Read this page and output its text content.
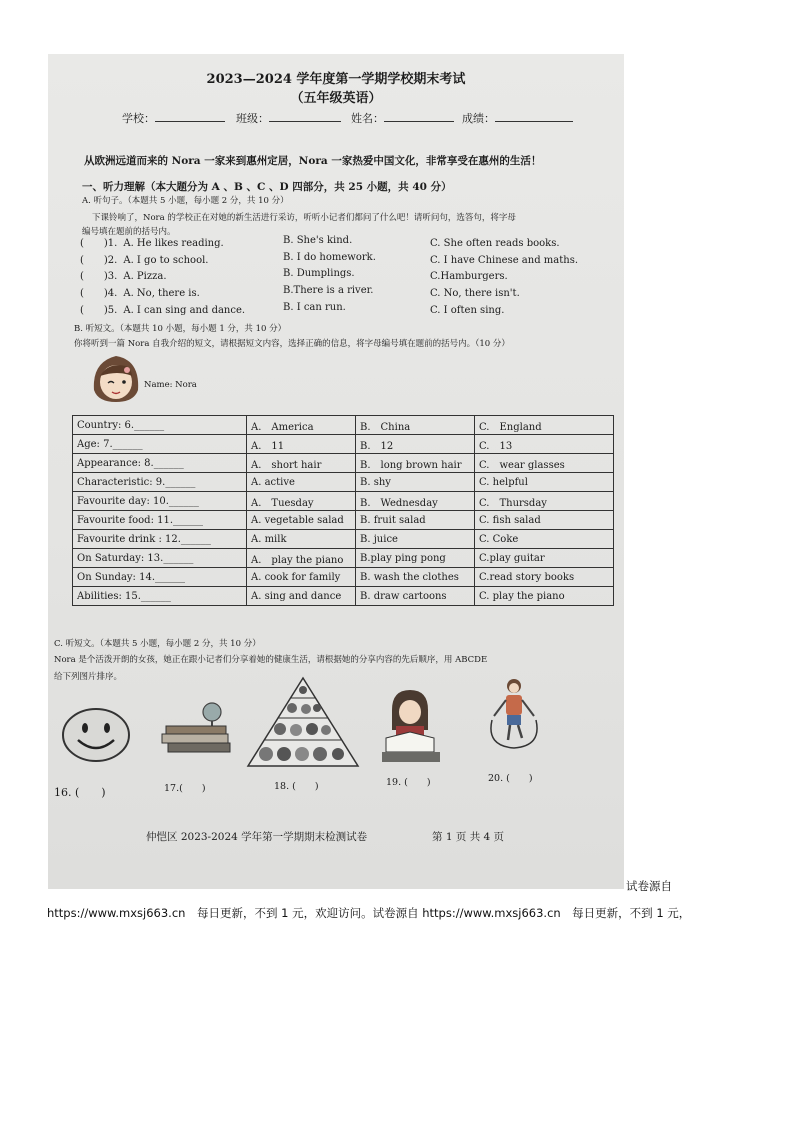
2023—2024 学年度第一学期学校期末考试
（五年级英语）
学校：	班级：	姓名：	成绩：
从欧洲远道而来的 Nora 一家来到惠州定居，Nora 一家热爱中国文化，非常享受在惠州的生活！
一、听力理解（本大题分为 A 、B 、C 、D 四部分，共 25 小题，共 40 分）
A. 听句子。（本题共 5 小题，每小题 2 分，共 10 分）
下课铃响了，Nora 的学校正在对她的新生活进行采访，听听小记者们都问了什么吧！请听问句，选答句，将字母
编号填在题前的括号内。
(　　)1. A. He likes reading.	B. She's kind.	C. She often reads books.
(　　)2. A. I go to school.	B. I do homework.	C. I have Chinese and maths.
(　　)3. A. Pizza.	B. Dumplings.	C.Hamburgers.
(　　)4. A. No, there is.	B.There is a river.	C. No, there isn't.
(　　)5. A. I can sing and dance.	B. I can run.	C. I often sing.
B. 听短文。（本题共 10 小题，每小题 1 分，共 10 分）
你将听到一篇 Nora 自我介绍的短文，请根据短文内容，选择正确的信息，将字母编号填在题前的括号内。（10 分）
Name: Nora
Country: 6.______	A.　America	B.　China	C.　England
Age: 7.______	A.　11	B.　12	C.　13
Appearance: 8.______	A.　short hair	B.　long brown hair	C.　wear glasses
Characteristic: 9.______	A. active	B. shy	C. helpful
Favourite day: 10.______	A.　Tuesday	B.　Wednesday	C.　Thursday
Favourite food: 11.______	A. vegetable salad	B. fruit salad	C. fish salad
Favourite drink : 12.______	A. milk	B. juice	C. Coke
On Saturday: 13.______	A.　play the piano	B.play ping pong	C.play guitar
On Sunday: 14.______	A. cook for family	B. wash the clothes	C.read story books
Abilities: 15.______	A. sing and dance	B. draw cartoons	C. play the piano
C. 听短文。（本题共 5 小题，每小题 2 分，共 10 分）
Nora 是个活泼开朗的女孩，她正在跟小记者们分享着她的健康生活，请根据她的分享内容的先后顺序，用 ABCDE
给下列图片排序。
16. (　　)	17.(　　)	18. (　　)	19. (　　)	20. (　　)
仲恺区 2023-2024 学年第一学期期末检测试卷	第 1 页 共 4 页
试卷源自
https://www.mxsj663.cn　每日更新，不到 1 元，欢迎访问。试卷源自 https://www.mxsj663.cn　每日更新，不到 1 元，
